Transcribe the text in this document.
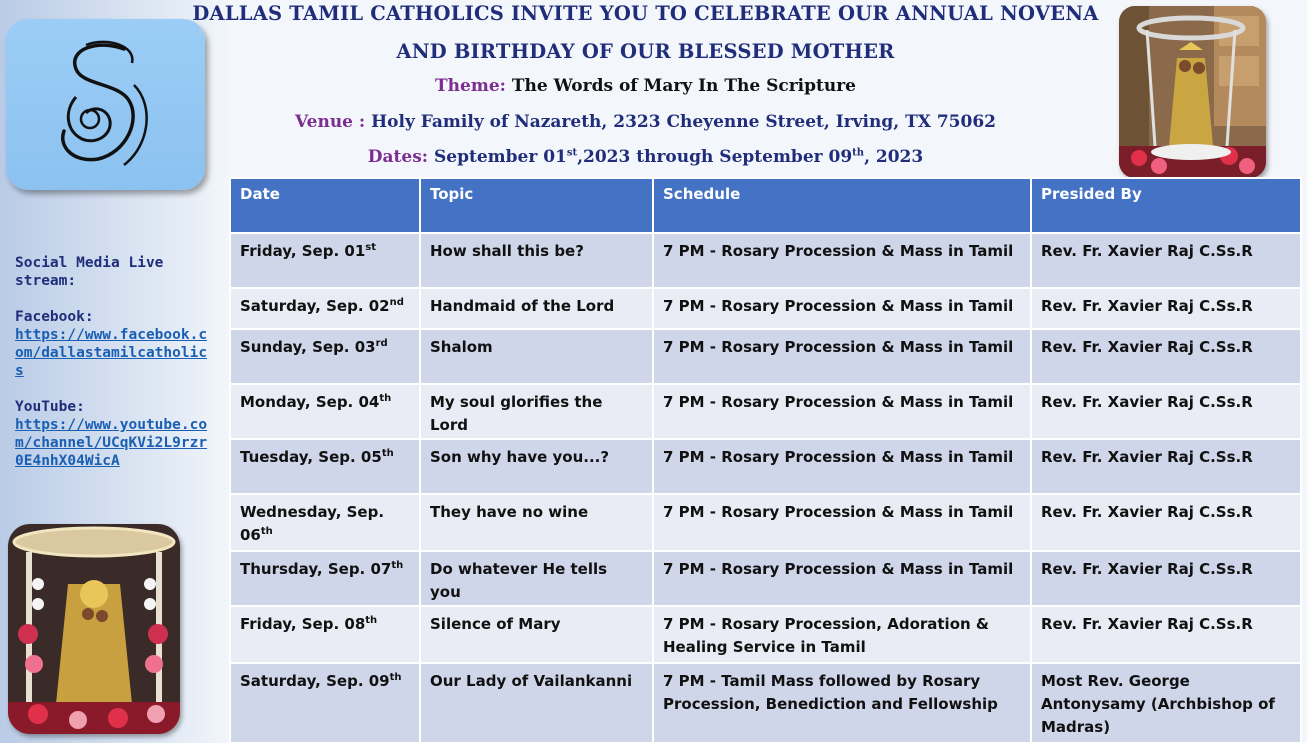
DALLAS TAMIL CATHOLICS INVITE YOU TO CELEBRATE OUR ANNUAL NOVENA
AND BIRTHDAY OF OUR BLESSED MOTHER
Theme: The Words of Mary In The Scripture
Venue : Holy Family of Nazareth, 2323 Cheyenne Street, Irving, TX 75062
Dates: September 01st,2023 through September 09th, 2023
Social Media Live stream:
Facebook:
https://www.facebook.com/dallastamilcatholics
YouTube:
https://www.youtube.com/channel/UCqKVi2L9rzr0E4nhX04WicA
Date	Topic	Schedule	Presided By
Friday, Sep. 01st	How shall this be?	7 PM - Rosary Procession & Mass in Tamil	Rev. Fr. Xavier Raj C.Ss.R
Saturday, Sep. 02nd	Handmaid of the Lord	7 PM - Rosary Procession & Mass in Tamil	Rev. Fr. Xavier Raj C.Ss.R
Sunday, Sep. 03rd	Shalom	7 PM - Rosary Procession & Mass in Tamil	Rev. Fr. Xavier Raj C.Ss.R
Monday, Sep. 04th	My soul glorifies the Lord	7 PM - Rosary Procession & Mass in Tamil	Rev. Fr. Xavier Raj C.Ss.R
Tuesday, Sep. 05th	Son why have you...?	7 PM - Rosary Procession & Mass in Tamil	Rev. Fr. Xavier Raj C.Ss.R
Wednesday, Sep. 06th	They have no wine	7 PM - Rosary Procession & Mass in Tamil	Rev. Fr. Xavier Raj C.Ss.R
Thursday, Sep. 07th	Do whatever He tells you	7 PM - Rosary Procession & Mass in Tamil	Rev. Fr. Xavier Raj C.Ss.R
Friday, Sep. 08th	Silence of Mary	7 PM - Rosary Procession, Adoration & Healing Service in Tamil	Rev. Fr. Xavier Raj C.Ss.R
Saturday, Sep. 09th	Our Lady of Vailankanni	7 PM - Tamil Mass followed by Rosary Procession, Benediction and Fellowship	Most Rev. George Antonysamy (Archbishop of Madras)
